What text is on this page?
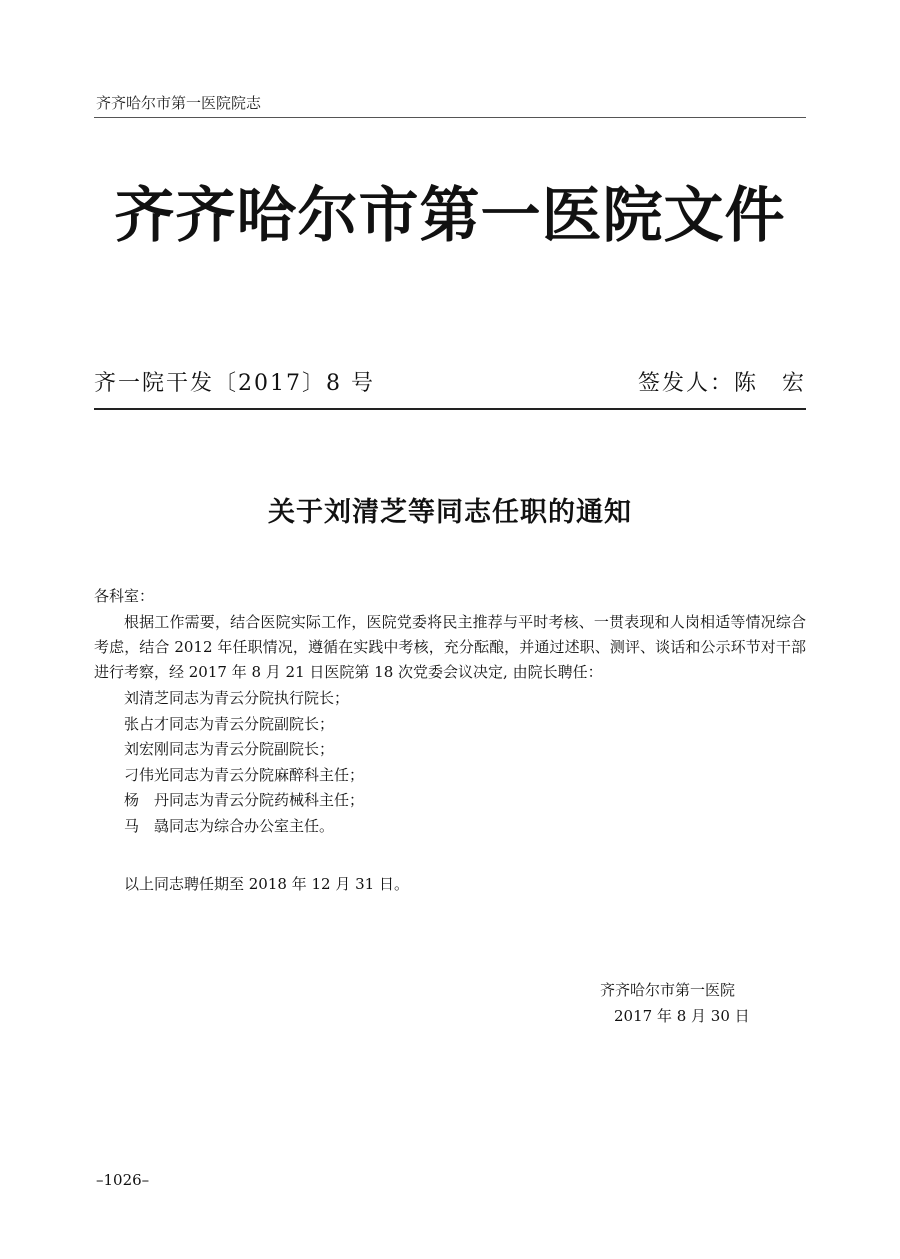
齐齐哈尔市第一医院院志
齐齐哈尔市第一医院文件
齐一院干发〔2017〕8 号	签发人：陈　宏
关于刘清芝等同志任职的通知
各科室：
根据工作需要，结合医院实际工作，医院党委将民主推荐与平时考核、一贯表现和人岗相适等情况综合考虑，结合 2012 年任职情况，遵循在实践中考核，充分酝酿，并通过述职、测评、谈话和公示环节对干部进行考察，经 2017 年 8 月 21 日医院第 18 次党委会议决定, 由院长聘任：
刘清芝同志为青云分院执行院长；
张占才同志为青云分院副院长；
刘宏刚同志为青云分院副院长；
刁伟光同志为青云分院麻醉科主任；
杨　丹同志为青云分院药械科主任；
马　骉同志为综合办公室主任。
以上同志聘任期至 2018 年 12 月 31 日。
齐齐哈尔市第一医院
2017 年 8 月 30 日
–1026–
